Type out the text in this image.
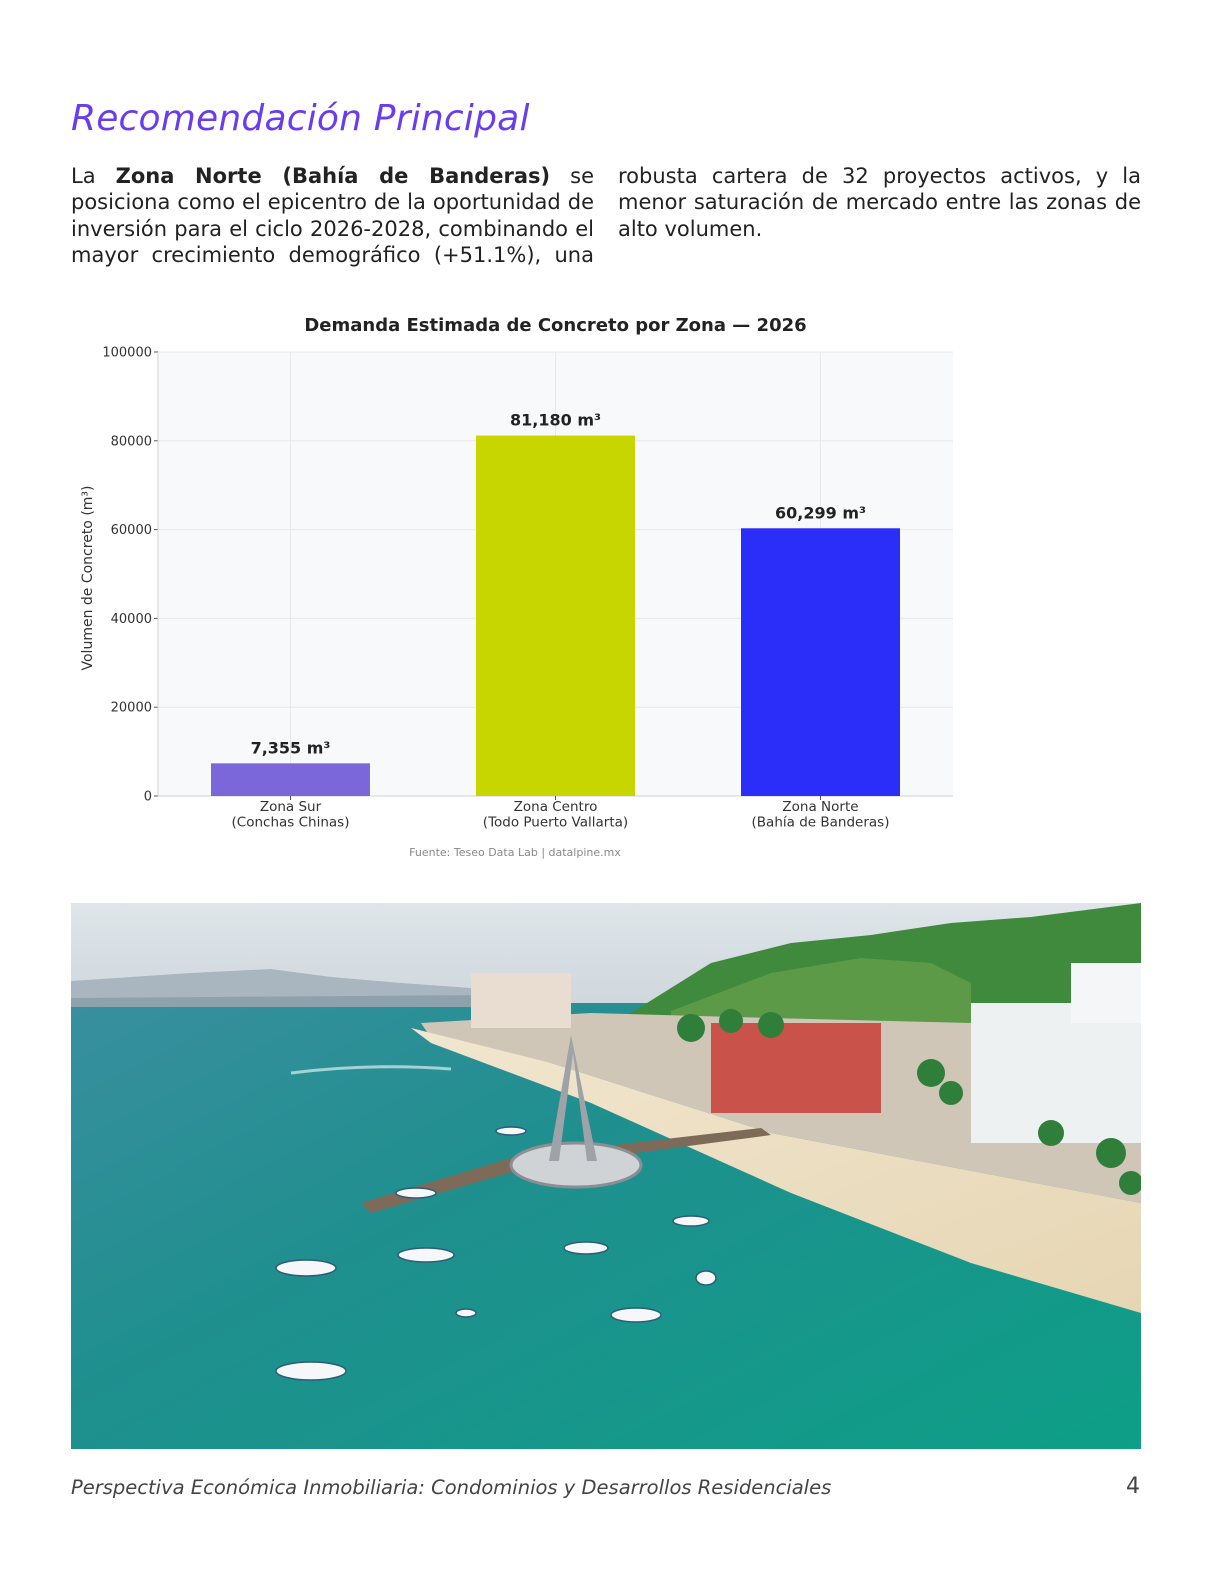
Recomendación Principal

La Zona Norte (Bahía de Banderas) se posiciona como el epicentro de la oportunidad de inversión para el ciclo 2026-2028, combinando el mayor crecimiento demográfico (+51.1%), una robusta cartera de 32 proyectos activos, y la menor saturación de mercado entre las zonas de alto volumen.

0
20000
40000
60000
80000
100000
7,355 m³
Zona Sur
(Conchas Chinas)
81,180 m³
Zona Centro
(Todo Puerto Vallarta)
60,299 m³
Zona Norte
(Bahía de Banderas)
Demanda Estimada de Concreto por Zona — 2026
Volumen de Concreto (m³)
Fuente: Teseo Data Lab | datalpine.mx

Perspectiva Económica Inmobiliaria: Condominios y Desarrollos Residenciales	4
